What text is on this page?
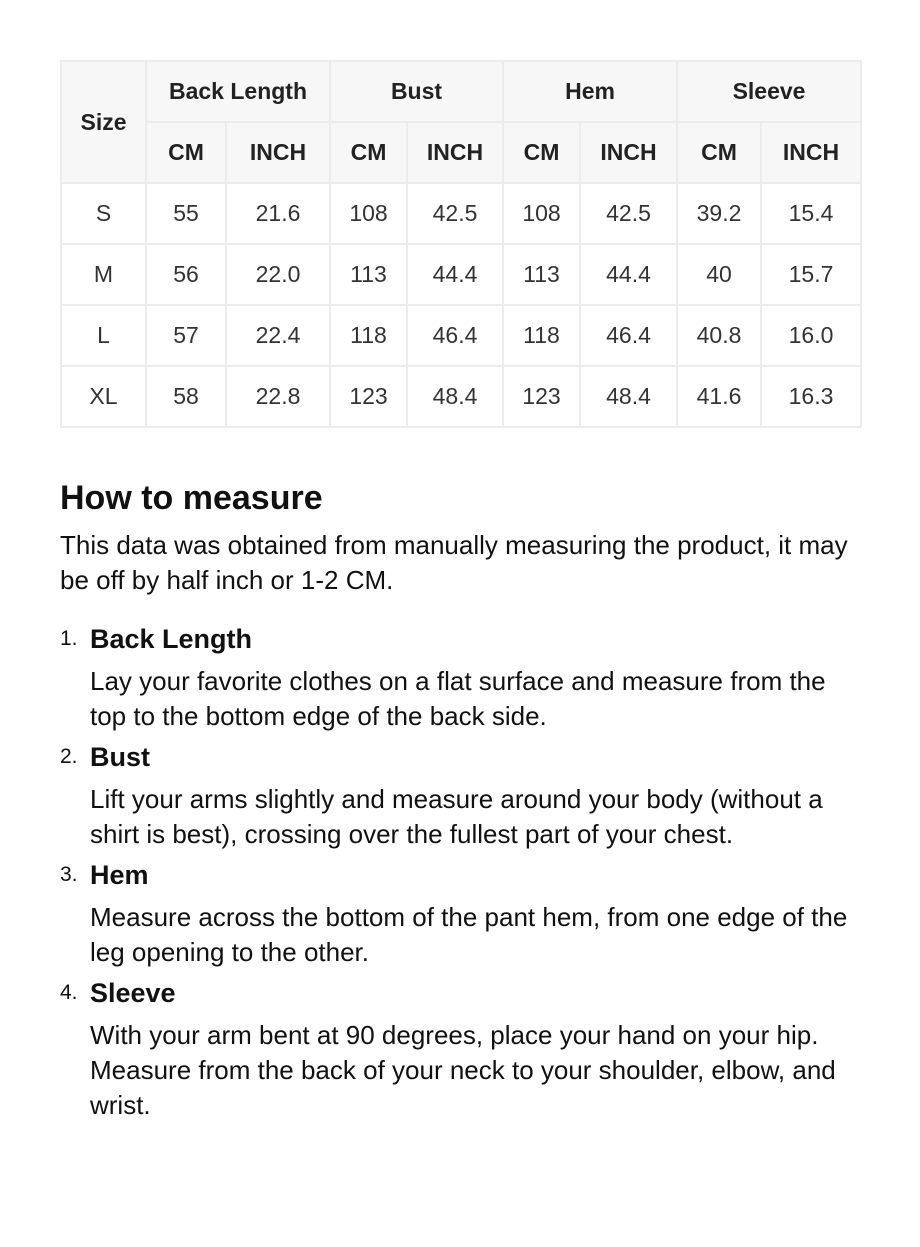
Size	Back Length		Bust		Hem		Sleeve	
	CM	INCH	CM	INCH	CM	INCH	CM	INCH
S	55	21.6	108	42.5	108	42.5	39.2	15.4
M	56	22.0	113	44.4	113	44.4	40	15.7
L	57	22.4	118	46.4	118	46.4	40.8	16.0
XL	58	22.8	123	48.4	123	48.4	41.6	16.3
How to measure

This data was obtained from manually measuring the product, it may be off by half inch or 1-2 CM.

1. Back Length

Lay your favorite clothes on a flat surface and measure from the top to the bottom edge of the back side.

2. Bust

Lift your arms slightly and measure around your body (without a shirt is best), crossing over the fullest part of your chest.

3. Hem

Measure across the bottom of the pant hem, from one edge of the leg opening to the other.

4. Sleeve

With your arm bent at 90 degrees, place your hand on your hip. Measure from the back of your neck to your shoulder, elbow, and wrist.
